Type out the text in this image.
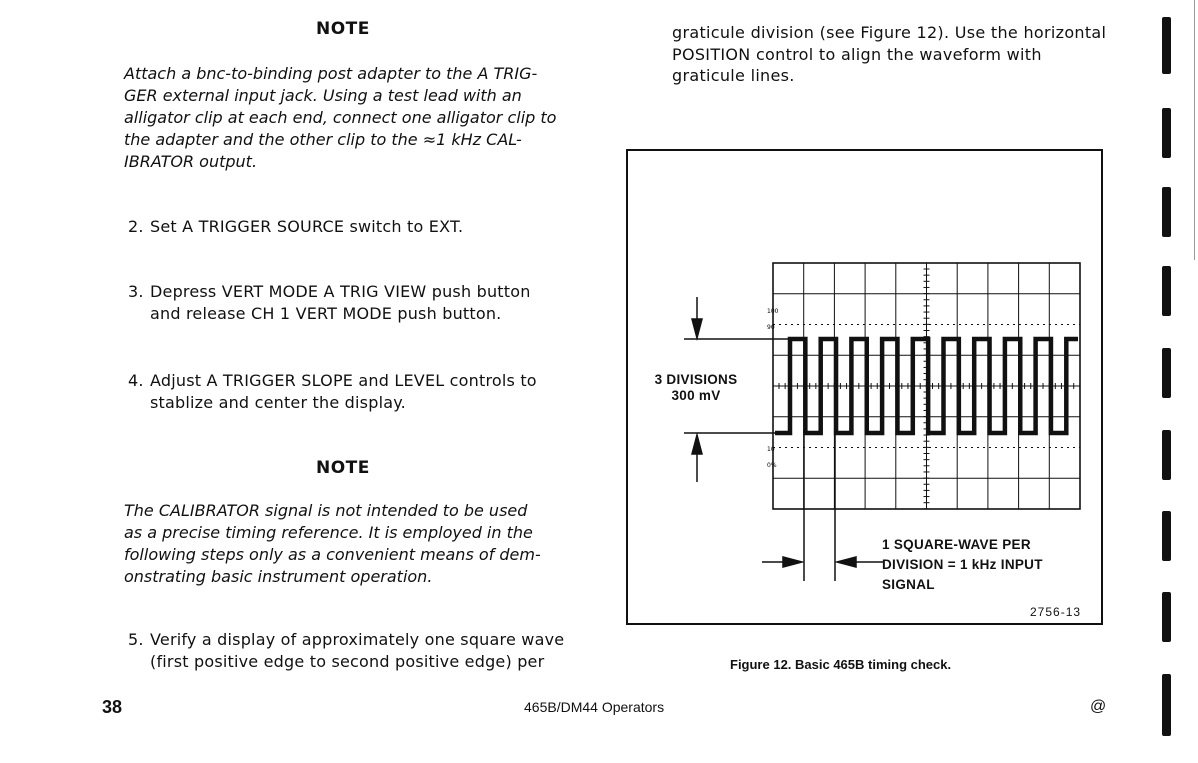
NOTE
Attach a bnc-to-binding post adapter to the A TRIG-
GER external input jack. Using a test lead with an
alligator clip at each end, connect one alligator clip to
the adapter and the other clip to the ≈1 kHz CAL-
IBRATOR output.
2. Set A TRIGGER SOURCE switch to EXT.
3. Depress VERT MODE A TRIG VIEW push button
and release CH 1 VERT MODE push button.
4. Adjust A TRIGGER SLOPE and LEVEL controls to
stablize and center the display.
NOTE
The CALIBRATOR signal is not intended to be used
as a precise timing reference. It is employed in the
following steps only as a convenient means of dem-
onstrating basic instrument operation.
5. Verify a display of approximately one square wave
(first positive edge to second positive edge) per
graticule division (see Figure 12). Use the horizontal
POSITION control to align the waveform with
graticule lines.
100
90
10
0%
3 DIVISIONS
300 mV
1 SQUARE-WAVE PER
DIVISION = 1 kHz INPUT
SIGNAL
2756-13
Figure 12. Basic 465B timing check.
38	465B/DM44 Operators	@
